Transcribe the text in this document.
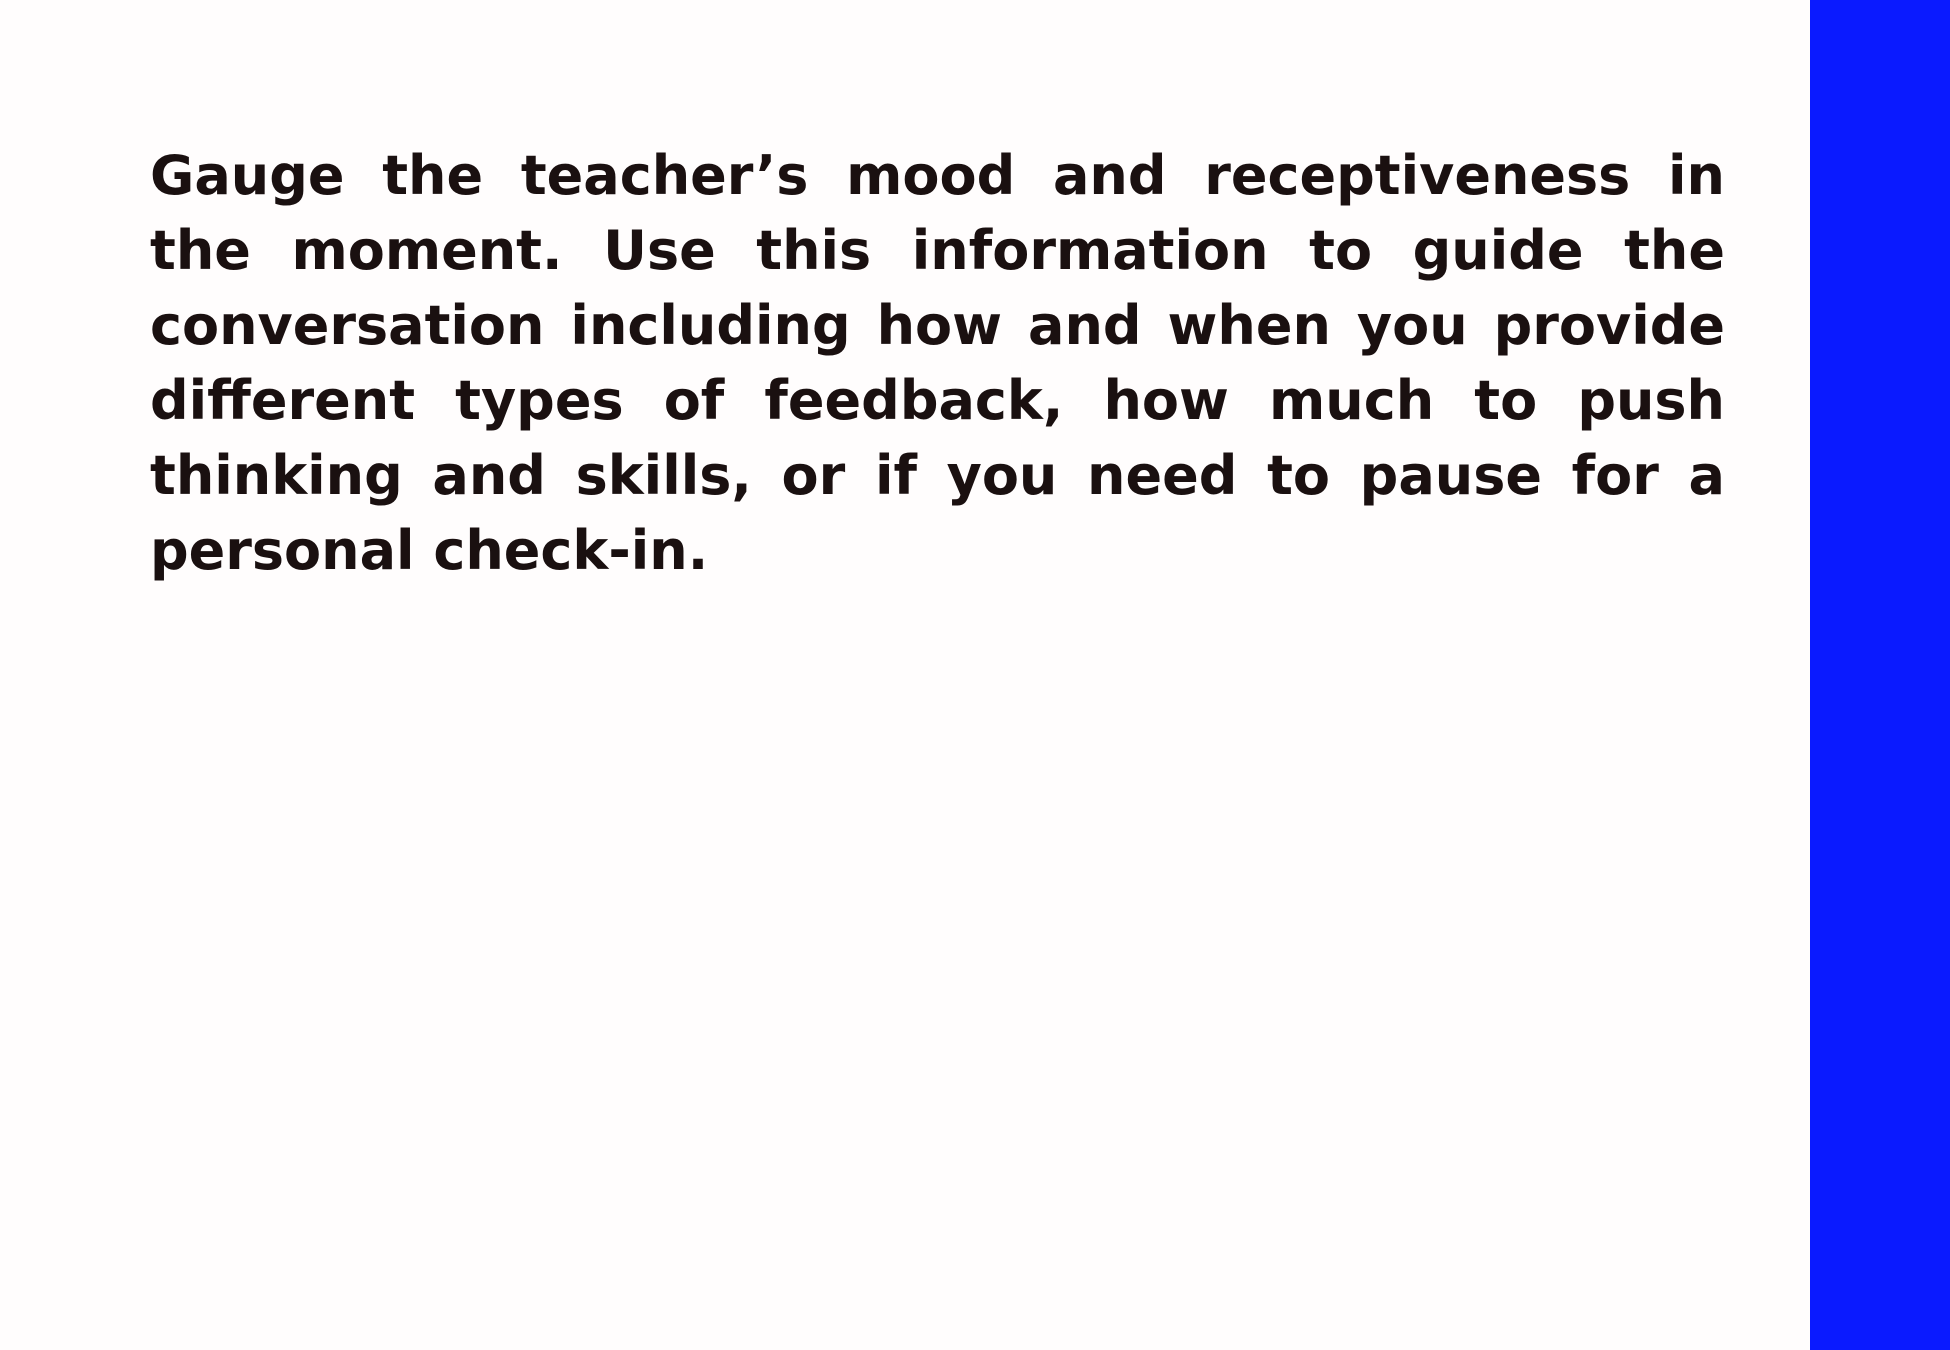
Gauge the teacher’s mood and receptiveness in the moment. Use this information to guide the conversation including how and when you provide different types of feedback, how much to push thinking and skills, or if you need to pause for a personal check-in.
